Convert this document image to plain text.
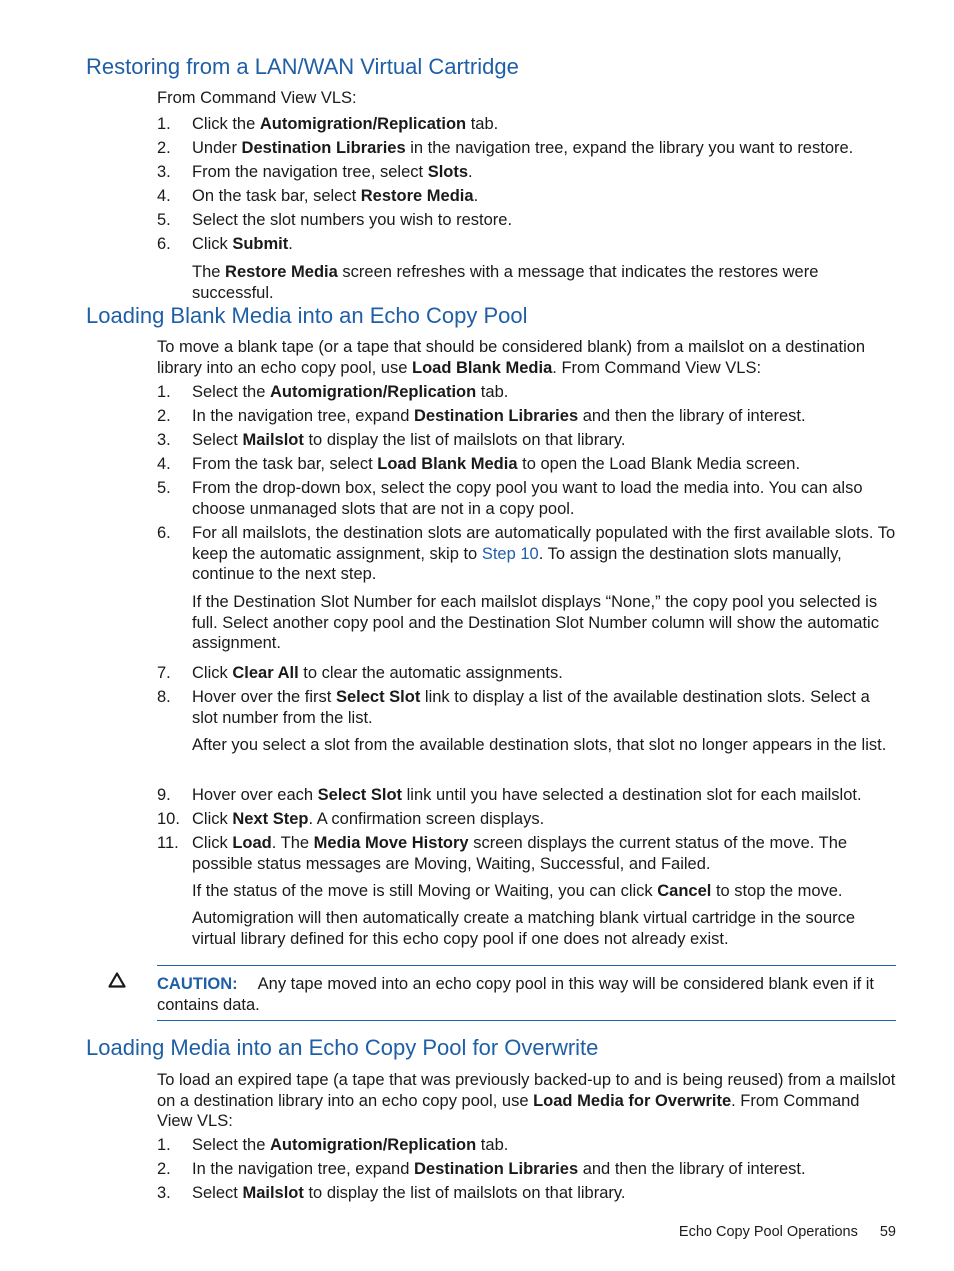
Restoring from a LAN/WAN Virtual Cartridge

From Command View VLS:

1. Click the Automigration/Replication tab.
2. Under Destination Libraries in the navigation tree, expand the library you want to restore.
3. From the navigation tree, select Slots.
4. On the task bar, select Restore Media.
5. Select the slot numbers you wish to restore.
6. Click Submit.

The Restore Media screen refreshes with a message that indicates the restores were successful.

Loading Blank Media into an Echo Copy Pool

To move a blank tape (or a tape that should be considered blank) from a mailslot on a destination library into an echo copy pool, use Load Blank Media. From Command View VLS:

1. Select the Automigration/Replication tab.
2. In the navigation tree, expand Destination Libraries and then the library of interest.
3. Select Mailslot to display the list of mailslots on that library.
4. From the task bar, select Load Blank Media to open the Load Blank Media screen.
5. From the drop-down box, select the copy pool you want to load the media into. You can also choose unmanaged slots that are not in a copy pool.
6. For all mailslots, the destination slots are automatically populated with the first available slots. To keep the automatic assignment, skip to Step 10. To assign the destination slots manually, continue to the next step.

If the Destination Slot Number for each mailslot displays “None,” the copy pool you selected is full. Select another copy pool and the Destination Slot Number column will show the automatic assignment.

7. Click Clear All to clear the automatic assignments.
8. Hover over the first Select Slot link to display a list of the available destination slots. Select a slot number from the list.

After you select a slot from the available destination slots, that slot no longer appears in the list.

9. Hover over each Select Slot link until you have selected a destination slot for each mailslot.
10. Click Next Step. A confirmation screen displays.
11. Click Load. The Media Move History screen displays the current status of the move. The possible status messages are Moving, Waiting, Successful, and Failed.

If the status of the move is still Moving or Waiting, you can click Cancel to stop the move.

Automigration will then automatically create a matching blank virtual cartridge in the source virtual library defined for this echo copy pool if one does not already exist.

CAUTION: Any tape moved into an echo copy pool in this way will be considered blank even if it contains data.

Loading Media into an Echo Copy Pool for Overwrite

To load an expired tape (a tape that was previously backed-up to and is being reused) from a mailslot on a destination library into an echo copy pool, use Load Media for Overwrite. From Command View VLS:

1. Select the Automigration/Replication tab.
2. In the navigation tree, expand Destination Libraries and then the library of interest.
3. Select Mailslot to display the list of mailslots on that library.
Echo Copy Pool Operations 59
